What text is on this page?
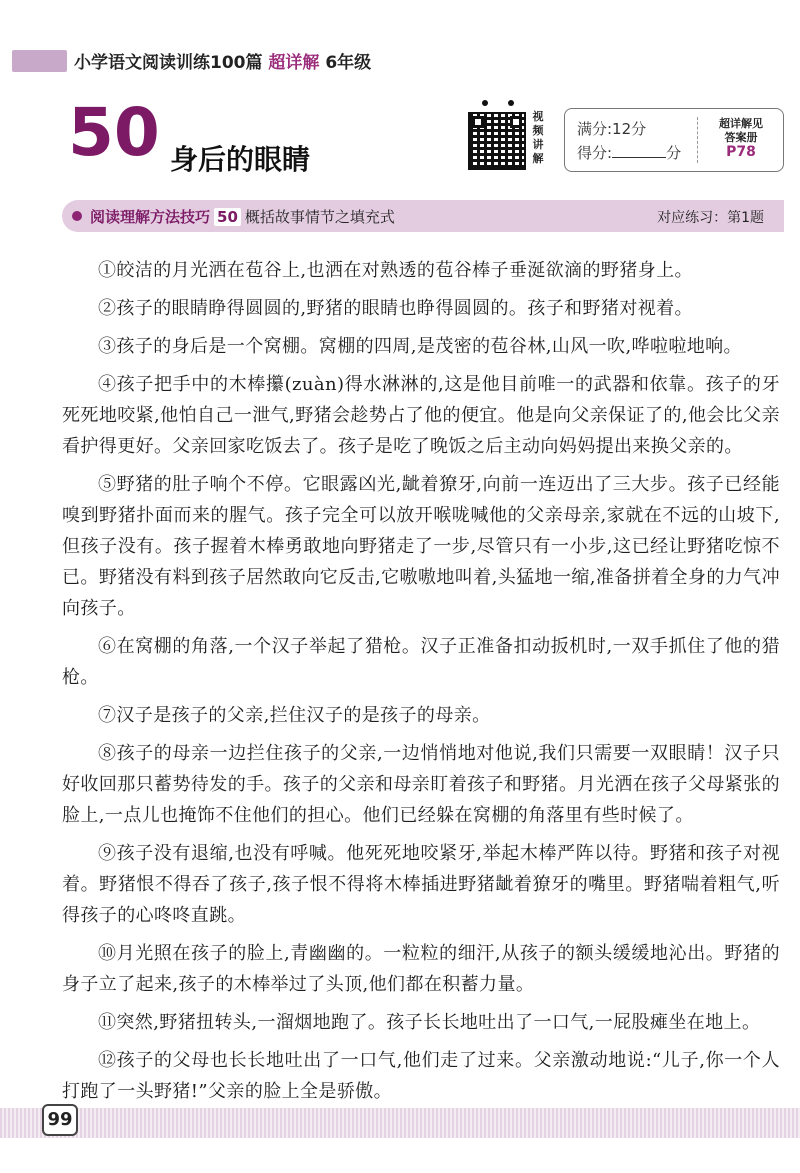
小学语文阅读训练100篇 超详解 6年级
50 身后的眼睛
视
频
讲
解
满分:12分
得分:	分
超详解见
答案册
P78
阅读理解方法技巧 50 概括故事情节之填充式	对应练习：第1题

①皎洁的月光洒在苞谷上,也洒在对熟透的苞谷棒子垂涎欲滴的野猪身上。

②孩子的眼睛睁得圆圆的,野猪的眼睛也睁得圆圆的。孩子和野猪对视着。

③孩子的身后是一个窝棚。窝棚的四周,是茂密的苞谷林,山风一吹,哗啦啦地响。

④孩子把手中的木棒攥(zuàn)得水淋淋的,这是他目前唯一的武器和依靠。孩子的牙死死地咬紧,他怕自己一泄气,野猪会趁势占了他的便宜。他是向父亲保证了的,他会比父亲看护得更好。父亲回家吃饭去了。孩子是吃了晚饭之后主动向妈妈提出来换父亲的。

⑤野猪的肚子响个不停。它眼露凶光,龇着獠牙,向前一连迈出了三大步。孩子已经能嗅到野猪扑面而来的腥气。孩子完全可以放开喉咙喊他的父亲母亲,家就在不远的山坡下,但孩子没有。孩子握着木棒勇敢地向野猪走了一步,尽管只有一小步,这已经让野猪吃惊不已。野猪没有料到孩子居然敢向它反击,它嗷嗷地叫着,头猛地一缩,准备拼着全身的力气冲向孩子。

⑥在窝棚的角落,一个汉子举起了猎枪。汉子正准备扣动扳机时,一双手抓住了他的猎枪。

⑦汉子是孩子的父亲,拦住汉子的是孩子的母亲。

⑧孩子的母亲一边拦住孩子的父亲,一边悄悄地对他说,我们只需要一双眼睛！汉子只好收回那只蓄势待发的手。孩子的父亲和母亲盯着孩子和野猪。月光洒在孩子父母紧张的脸上,一点儿也掩饰不住他们的担心。他们已经躲在窝棚的角落里有些时候了。

⑨孩子没有退缩,也没有呼喊。他死死地咬紧牙,举起木棒严阵以待。野猪和孩子对视着。野猪恨不得吞了孩子,孩子恨不得将木棒插进野猪龇着獠牙的嘴里。野猪喘着粗气,听得孩子的心咚咚直跳。

⑩月光照在孩子的脸上,青幽幽的。一粒粒的细汗,从孩子的额头缓缓地沁出。野猪的身子立了起来,孩子的木棒举过了头顶,他们都在积蓄力量。

⑪突然,野猪扭转头,一溜烟地跑了。孩子长长地吐出了一口气,一屁股瘫坐在地上。

⑫孩子的父母也长长地吐出了一口气,他们走了过来。父亲激动地说:“儿子,你一个人打跑了一头野猪!”父亲的脸上全是骄傲。

99
